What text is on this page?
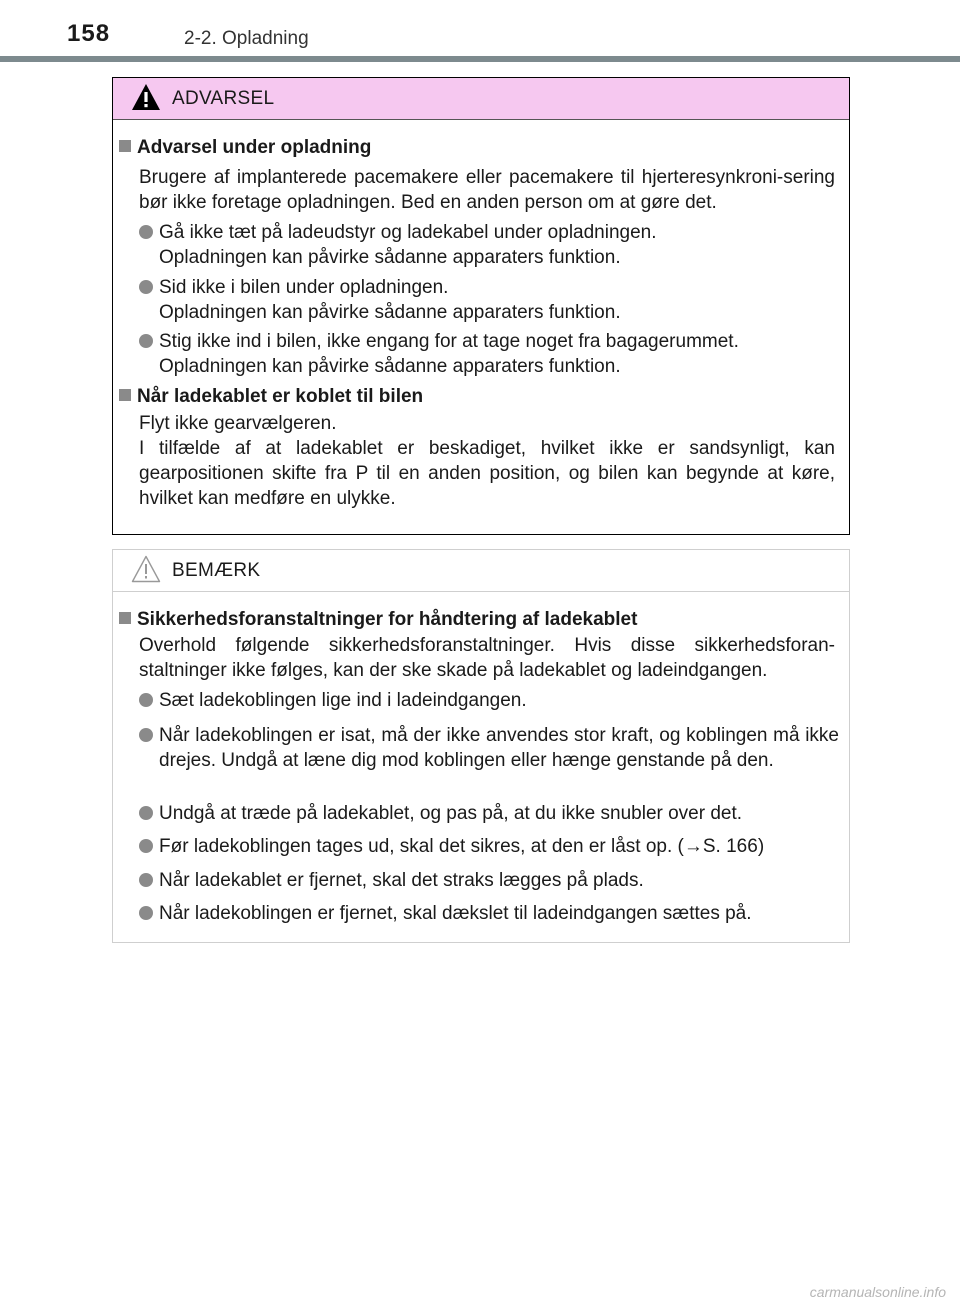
158	2-2. Opladning
ADVARSEL
Advarsel under opladning
Brugere af implanterede pacemakere eller pacemakere til hjerteresynkroni-sering bør ikke foretage opladningen. Bed en anden person om at gøre det.
Gå ikke tæt på ladeudstyr og ladekabel under opladningen.
Opladningen kan påvirke sådanne apparaters funktion.
Sid ikke i bilen under opladningen.
Opladningen kan påvirke sådanne apparaters funktion.
Stig ikke ind i bilen, ikke engang for at tage noget fra bagagerummet.
Opladningen kan påvirke sådanne apparaters funktion.
Når ladekablet er koblet til bilen
Flyt ikke gearvælgeren.
I tilfælde af at ladekablet er beskadiget, hvilket ikke er sandsynligt, kan gearpositionen skifte fra P til en anden position, og bilen kan begynde at køre, hvilket kan medføre en ulykke.
BEMÆRK
Sikkerhedsforanstaltninger for håndtering af ladekablet
Overhold følgende sikkerhedsforanstaltninger. Hvis disse sikkerhedsforan-staltninger ikke følges, kan der ske skade på ladekablet og ladeindgangen.
Sæt ladekoblingen lige ind i ladeindgangen.
Når ladekoblingen er isat, må der ikke anvendes stor kraft, og koblingen må ikke drejes. Undgå at læne dig mod koblingen eller hænge genstande på den.
Undgå at træde på ladekablet, og pas på, at du ikke snubler over det.
Før ladekoblingen tages ud, skal det sikres, at den er låst op. (→S. 166)
Når ladekablet er fjernet, skal det straks lægges på plads.
Når ladekoblingen er fjernet, skal dækslet til ladeindgangen sættes på.
carmanualsonline.info
